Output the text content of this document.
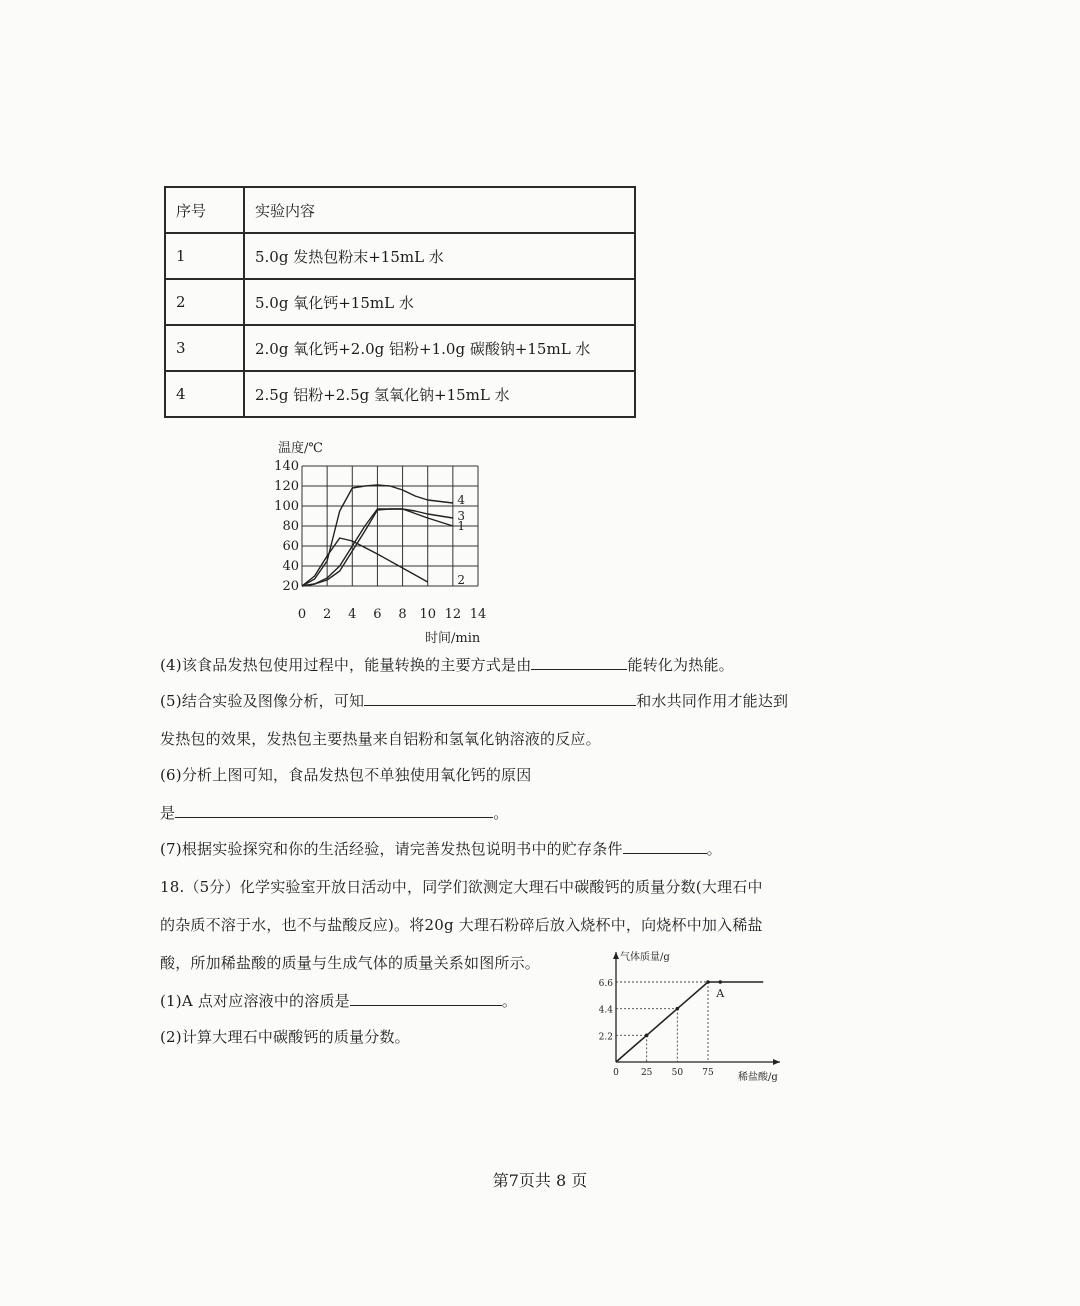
序号	实验内容
1	5.0g 发热包粉末+15mL 水
2	5.0g 氧化钙+15mL 水
3	2.0g 氧化钙+2.0g 铝粉+1.0g 碳酸钠+15mL 水
4	2.5g 铝粉+2.5g 氢氧化钠+15mL 水
0 2 4 6 8 10 12 14
20
40
60
80
100
120
140
温度/℃
时间/min
1
2
3
4
A
2.2
4.4
6.6
0 25 50 75
气体质量/g
稀盐酸/g
(4)该食品发热包使用过程中，能量转换的主要方式是由	能转化为热能。
(5)结合实验及图像分析，可知	和水共同作用才能达到
发热包的效果，发热包主要热量来自铝粉和氢氧化钠溶液的反应。
(6)分析上图可知，食品发热包不单独使用氧化钙的原因
是	。
(7)根据实验探究和你的生活经验，请完善发热包说明书中的贮存条件	。
18.（5分）化学实验室开放日活动中，同学们欲测定大理石中碳酸钙的质量分数(大理石中
的杂质不溶于水，也不与盐酸反应)。将20g 大理石粉碎后放入烧杯中，向烧杯中加入稀盐
酸，所加稀盐酸的质量与生成气体的质量关系如图所示。
(1)A 点对应溶液中的溶质是	。
(2)计算大理石中碳酸钙的质量分数。
第7页共 8 页
